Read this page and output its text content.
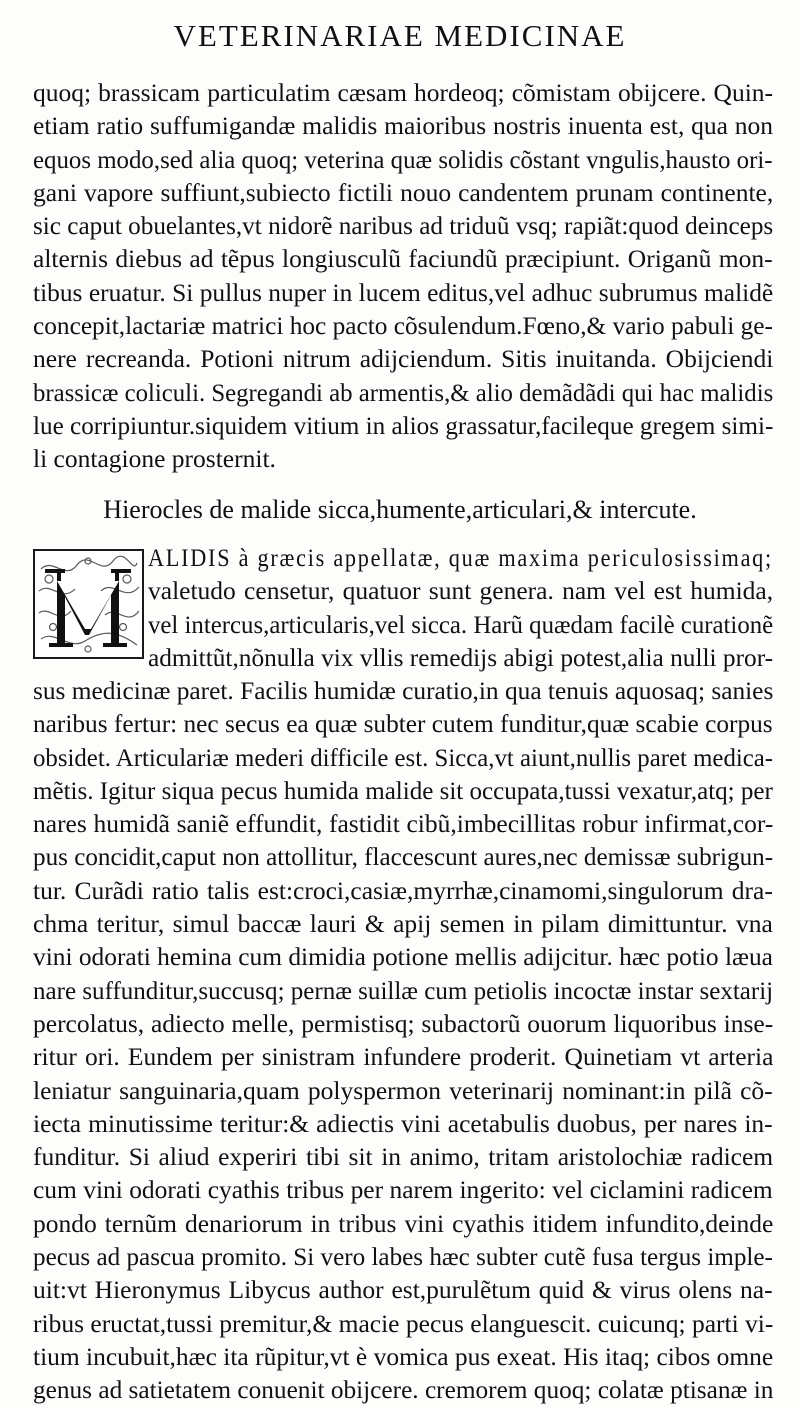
VETERINARIAE MEDICINAE
quoq; brassicam particulatim cæsam hordeoq; cõmistam obijcere. Quin-
etiam ratio suffumigandæ malidis maioribus nostris inuenta est, qua non
equos modo,sed alia quoq; veterina quæ solidis cõstant vngulis,hausto ori-
gani vapore suffiunt,subiecto fictili nouo candentem prunam continente,
sic caput obuelantes,vt nidorẽ naribus ad triduũ vsq; rapiãt:quod deinceps
alternis diebus ad tẽpus longiusculũ faciundũ præcipiunt. Origanũ mon-
tibus eruatur. Si pullus nuper in lucem editus,vel adhuc subrumus malidẽ
concepit,lactariæ matrici hoc pacto cõsulendum.Fœno,& vario pabuli ge-
nere recreanda. Potioni nitrum adijciendum. Sitis inuitanda. Obijciendi
brassicæ coliculi. Segregandi ab armentis,& alio demãdãdi qui hac malidis
lue corripiuntur.siquidem vitium in alios grassatur,facileque gregem simi-
li contagione prosternit.
Hierocles de malide sicca,humente,articulari,& intercute.
ALIDIS à græcis appellatæ, quæ maxima periculosissimaq;
valetudo censetur, quatuor sunt genera. nam vel est humida,
vel intercus,articularis,vel sicca. Harũ quædam facilè curationẽ
admittũt,nõnulla vix vllis remedijs abigi potest,alia nulli pror-
sus medicinæ paret. Facilis humidæ curatio,in qua tenuis aquosaq; sanies
naribus fertur: nec secus ea quæ subter cutem funditur,quæ scabie corpus
obsidet. Articulariæ mederi difficile est. Sicca,vt aiunt,nullis paret medica-
mẽtis. Igitur siqua pecus humida malide sit occupata,tussi vexatur,atq; per
nares humidã saniẽ effundit, fastidit cibũ,imbecillitas robur infirmat,cor-
pus concidit,caput non attollitur, flaccescunt aures,nec demissæ subrigun-
tur. Curãdi ratio talis est:croci,casiæ,myrrhæ,cinamomi,singulorum dra-
chma teritur, simul baccæ lauri & apij semen in pilam dimittuntur. vna
vini odorati hemina cum dimidia potione mellis adijcitur. hæc potio læua
nare suffunditur,succusq; pernæ suillæ cum petiolis incoctæ instar sextarij
percolatus, adiecto melle, permistisq; subactorũ ouorum liquoribus inse-
ritur ori. Eundem per sinistram infundere proderit. Quinetiam vt arteria
leniatur sanguinaria,quam polyspermon veterinarij nominant:in pilã cõ-
iecta minutissime teritur:& adiectis vini acetabulis duobus, per nares in-
funditur. Si aliud experiri tibi sit in animo, tritam aristolochiæ radicem
cum vini odorati cyathis tribus per narem ingerito: vel ciclamini radicem
pondo ternũm denariorum in tribus vini cyathis itidem infundito,deinde
pecus ad pascua promito. Si vero labes hæc subter cutẽ fusa tergus imple-
uit:vt Hieronymus Libycus author est,purulẽtum quid & virus olens na-
ribus eructat,tussi premitur,& macie pecus elanguescit. cuicunq; parti vi-
tium incubuit,hæc ita rũpitur,vt è vomica pus exeat. His itaq; cibos omne
genus ad satietatem conuenit obijcere. cremorem quoq; colatæ ptisanæ in
